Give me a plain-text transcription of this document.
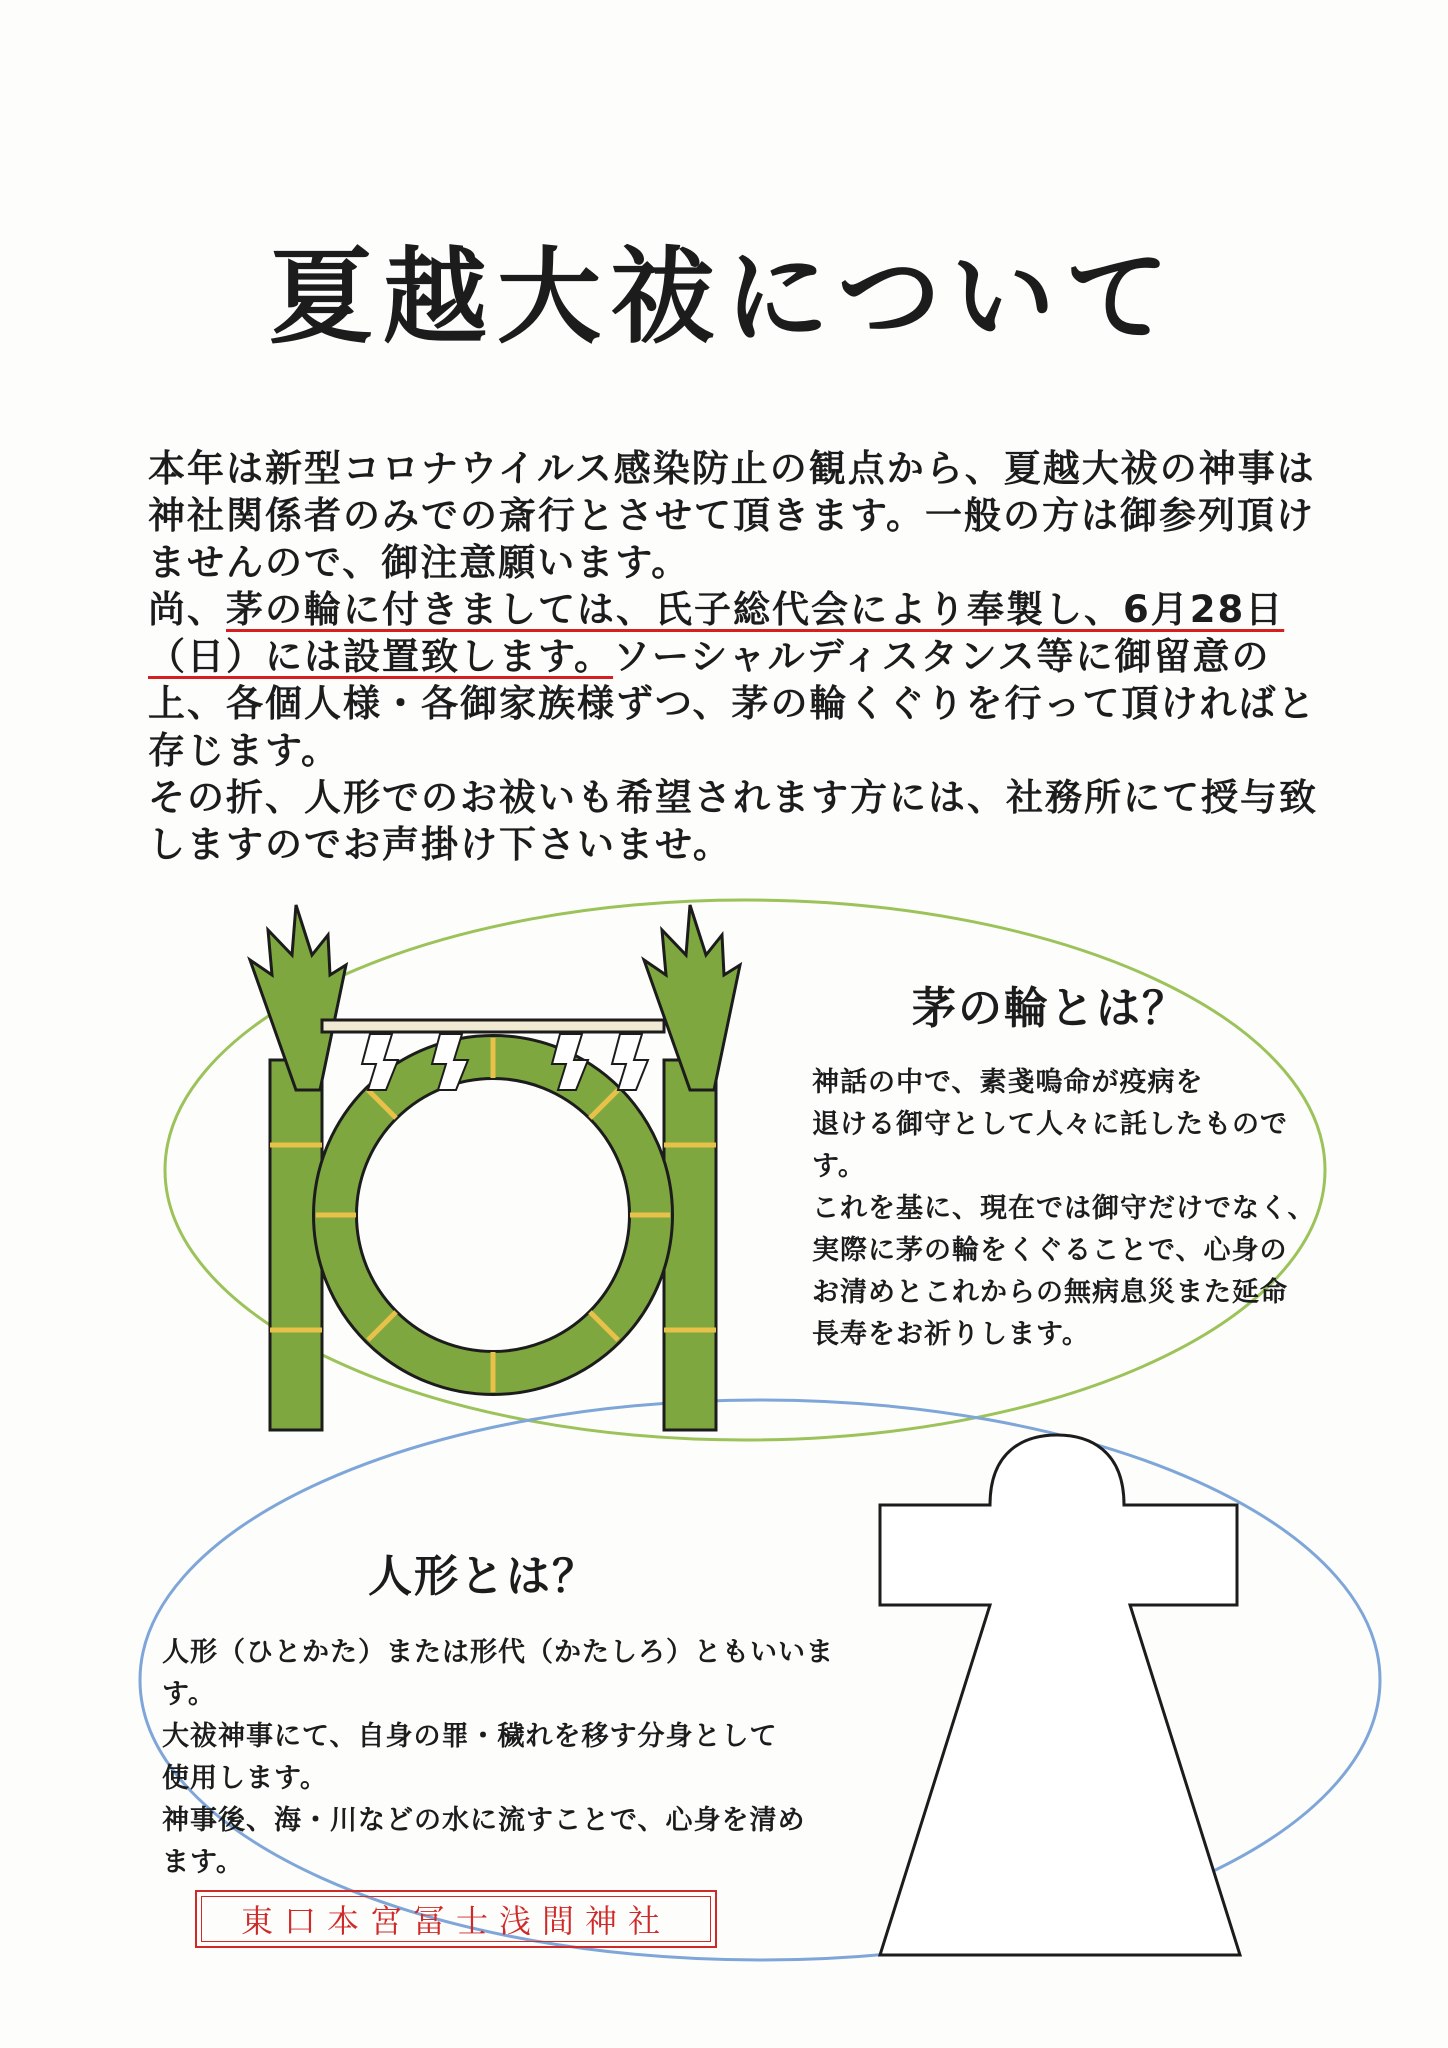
夏越大祓について

本年は新型コロナウイルス感染防止の観点から、夏越大祓の神事は神社関係者のみでの斎行とさせて頂きます。一般の方は御参列頂けませんので、御注意願います。

尚、茅の輪に付きましては、氏子総代会により奉製し、6月28日（日）には設置致します。ソーシャルディスタンス等に御留意の上、各個人様・各御家族様ずつ、茅の輪くぐりを行って頂ければと存じます。

その折、人形でのお祓いも希望されます方には、社務所にて授与致しますのでお声掛け下さいませ。

茅の輪とは？

神話の中で、素戔嗚命が疫病を

退ける御守として人々に託したものです。

これを基に、現在では御守だけでなく、

実際に茅の輪をくぐることで、心身の

お清めとこれからの無病息災また延命

長寿をお祈りします。

人形とは？

人形（ひとかた）または形代（かたしろ）ともいいます。

大祓神事にて、自身の罪・穢れを移す分身として

使用します。

神事後、海・川などの水に流すことで、心身を清め

ます。

東口本宮冨士浅間神社
